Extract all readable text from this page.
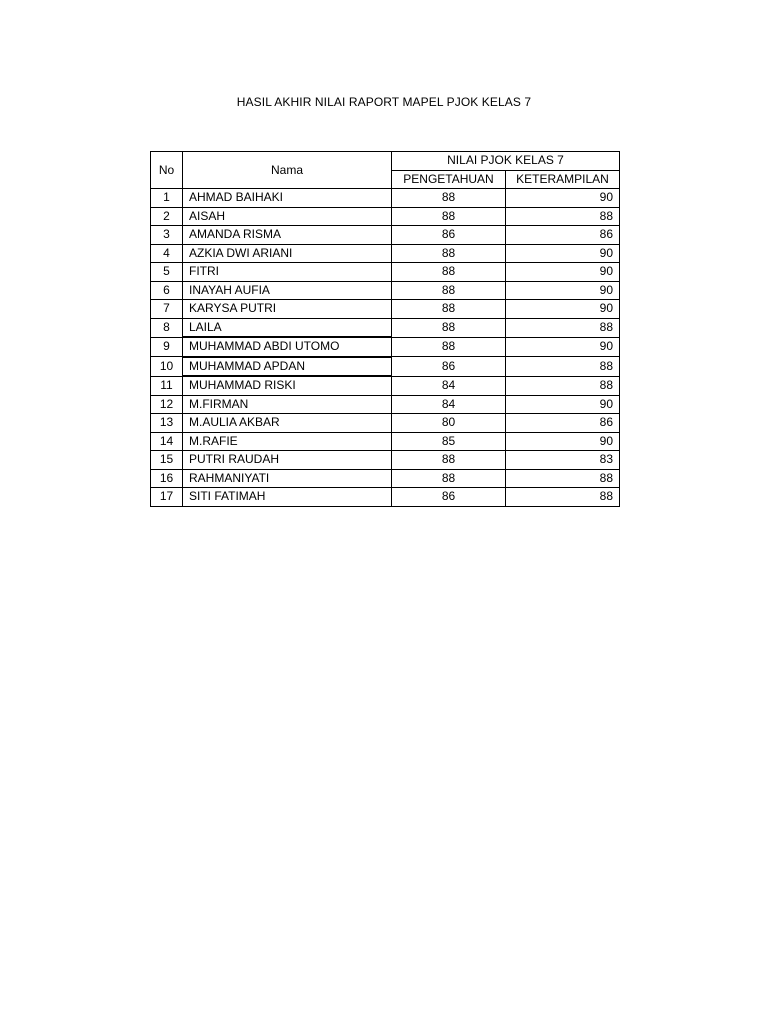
HASIL AKHIR NILAI RAPORT MAPEL PJOK KELAS 7
No	Nama	NILAI PJOK KELAS 7	
		PENGETAHUAN	KETERAMPILAN
1	AHMAD BAIHAKI	88	90
2	AISAH	88	88
3	AMANDA RISMA	86	86
4	AZKIA DWI ARIANI	88	90
5	FITRI	88	90
6	INAYAH AUFIA	88	90
7	KARYSA PUTRI	88	90
8	LAILA	88	88
9	MUHAMMAD ABDI UTOMO	88	90
10	MUHAMMAD APDAN	86	88
11	MUHAMMAD RISKI	84	88
12	M.FIRMAN	84	90
13	M.AULIA AKBAR	80	86
14	M.RAFIE	85	90
15	PUTRI RAUDAH	88	83
16	RAHMANIYATI	88	88
17	SITI FATIMAH	86	88
